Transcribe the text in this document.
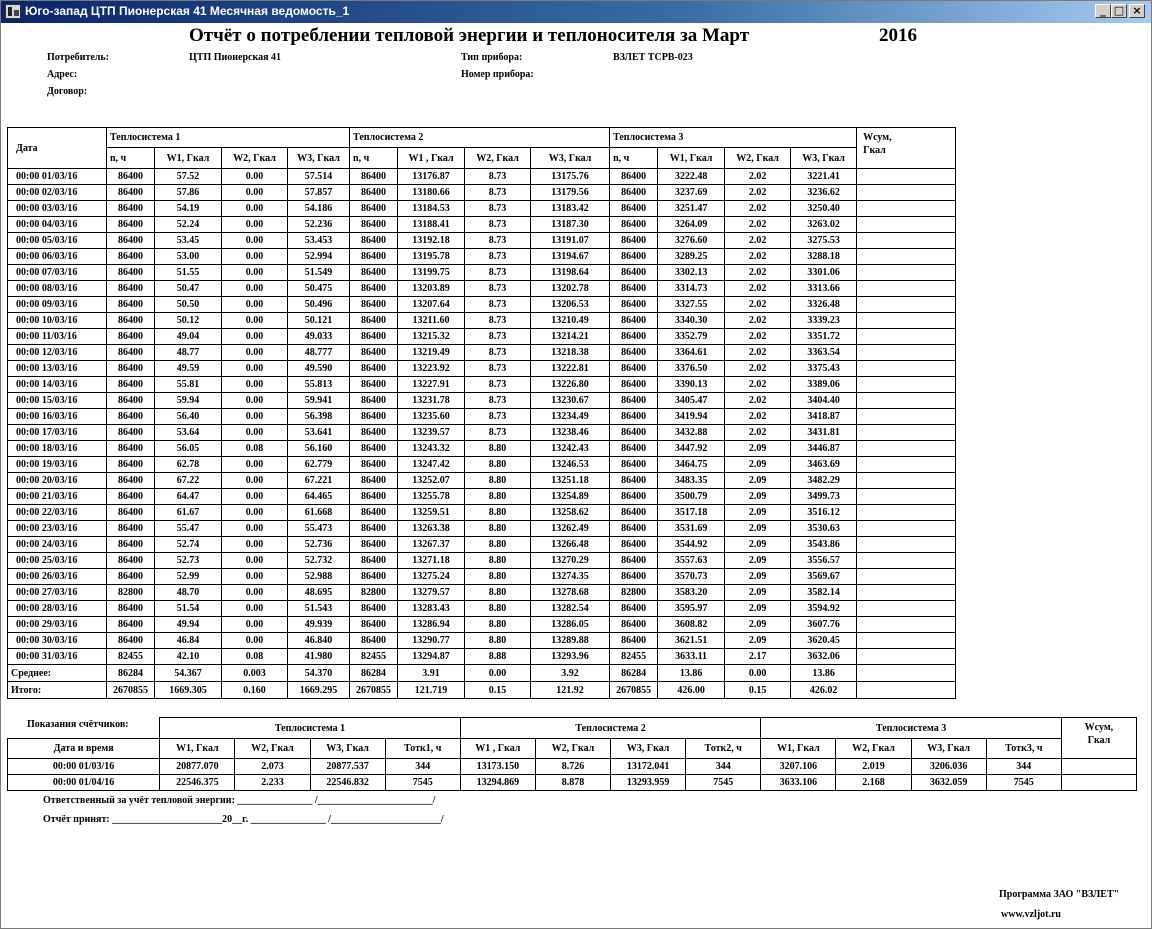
Юго-запад ЦТП Пионерская 41 Месячная ведомость_1	_ □ ×
Отчёт о потреблении тепловой энергии и теплоносителя за Март	2016
Потребитель:	ЦТП Пионерская 41
Адрес:
Договор:
Тип прибора:	ВЗЛЕТ ТСРВ-023
Номер прибора:
Дата	Теплосистема 1				Теплосистема 2				Теплосистема 3				Wсум,
Гкал
	n, ч	W1, Гкал	W2, Гкал	W3, Гкал	n, ч	W1 , Гкал	W2, Гкал	W3, Гкал	n, ч	W1, Гкал	W2, Гкал	W3, Гкал	
00:00 01/03/16	86400	57.52	0.00	57.514	86400	13176.87	8.73	13175.76	86400	3222.48	2.02	3221.41	
00:00 02/03/16	86400	57.86	0.00	57.857	86400	13180.66	8.73	13179.56	86400	3237.69	2.02	3236.62	
00:00 03/03/16	86400	54.19	0.00	54.186	86400	13184.53	8.73	13183.42	86400	3251.47	2.02	3250.40	
00:00 04/03/16	86400	52.24	0.00	52.236	86400	13188.41	8.73	13187.30	86400	3264.09	2.02	3263.02	
00:00 05/03/16	86400	53.45	0.00	53.453	86400	13192.18	8.73	13191.07	86400	3276.60	2.02	3275.53	
00:00 06/03/16	86400	53.00	0.00	52.994	86400	13195.78	8.73	13194.67	86400	3289.25	2.02	3288.18	
00:00 07/03/16	86400	51.55	0.00	51.549	86400	13199.75	8.73	13198.64	86400	3302.13	2.02	3301.06	
00:00 08/03/16	86400	50.47	0.00	50.475	86400	13203.89	8.73	13202.78	86400	3314.73	2.02	3313.66	
00:00 09/03/16	86400	50.50	0.00	50.496	86400	13207.64	8.73	13206.53	86400	3327.55	2.02	3326.48	
00:00 10/03/16	86400	50.12	0.00	50.121	86400	13211.60	8.73	13210.49	86400	3340.30	2.02	3339.23	
00:00 11/03/16	86400	49.04	0.00	49.033	86400	13215.32	8.73	13214.21	86400	3352.79	2.02	3351.72	
00:00 12/03/16	86400	48.77	0.00	48.777	86400	13219.49	8.73	13218.38	86400	3364.61	2.02	3363.54	
00:00 13/03/16	86400	49.59	0.00	49.590	86400	13223.92	8.73	13222.81	86400	3376.50	2.02	3375.43	
00:00 14/03/16	86400	55.81	0.00	55.813	86400	13227.91	8.73	13226.80	86400	3390.13	2.02	3389.06	
00:00 15/03/16	86400	59.94	0.00	59.941	86400	13231.78	8.73	13230.67	86400	3405.47	2.02	3404.40	
00:00 16/03/16	86400	56.40	0.00	56.398	86400	13235.60	8.73	13234.49	86400	3419.94	2.02	3418.87	
00:00 17/03/16	86400	53.64	0.00	53.641	86400	13239.57	8.73	13238.46	86400	3432.88	2.02	3431.81	
00:00 18/03/16	86400	56.05	0.08	56.160	86400	13243.32	8.80	13242.43	86400	3447.92	2.09	3446.87	
00:00 19/03/16	86400	62.78	0.00	62.779	86400	13247.42	8.80	13246.53	86400	3464.75	2.09	3463.69	
00:00 20/03/16	86400	67.22	0.00	67.221	86400	13252.07	8.80	13251.18	86400	3483.35	2.09	3482.29	
00:00 21/03/16	86400	64.47	0.00	64.465	86400	13255.78	8.80	13254.89	86400	3500.79	2.09	3499.73	
00:00 22/03/16	86400	61.67	0.00	61.668	86400	13259.51	8.80	13258.62	86400	3517.18	2.09	3516.12	
00:00 23/03/16	86400	55.47	0.00	55.473	86400	13263.38	8.80	13262.49	86400	3531.69	2.09	3530.63	
00:00 24/03/16	86400	52.74	0.00	52.736	86400	13267.37	8.80	13266.48	86400	3544.92	2.09	3543.86	
00:00 25/03/16	86400	52.73	0.00	52.732	86400	13271.18	8.80	13270.29	86400	3557.63	2.09	3556.57	
00:00 26/03/16	86400	52.99	0.00	52.988	86400	13275.24	8.80	13274.35	86400	3570.73	2.09	3569.67	
00:00 27/03/16	82800	48.70	0.00	48.695	82800	13279.57	8.80	13278.68	82800	3583.20	2.09	3582.14	
00:00 28/03/16	86400	51.54	0.00	51.543	86400	13283.43	8.80	13282.54	86400	3595.97	2.09	3594.92	
00:00 29/03/16	86400	49.94	0.00	49.939	86400	13286.94	8.80	13286.05	86400	3608.82	2.09	3607.76	
00:00 30/03/16	86400	46.84	0.00	46.840	86400	13290.77	8.80	13289.88	86400	3621.51	2.09	3620.45	
00:00 31/03/16	82455	42.10	0.08	41.980	82455	13294.87	8.88	13293.96	82455	3633.11	2.17	3632.06	
Среднее:	86284	54.367	0.003	54.370	86284	3.91	0.00	3.92	86284	13.86	0.00	13.86	
Итого:	2670855	1669.305	0.160	1669.295	2670855	121.719	0.15	121.92	2670855	426.00	0.15	426.02	
Показания счётчиков:
		Теплосистема 1				Теплосистема 2				Теплосистема 3				Wсум,
Гкал
Дата и время	W1, Гкал	W2, Гкал	W3, Гкал	Тотк1, ч	W1 , Гкал	W2, Гкал	W3, Гкал	Тотк2, ч	W1, Гкал	W2, Гкал	W3, Гкал	Тотк3, ч	
00:00 01/03/16	20877.070	2.073	20877.537	344	13173.150	8.726	13172.041	344	3207.106	2.019	3206.036	344	
00:00 01/04/16	22546.375	2.233	22546.832	7545	13294.869	8.878	13293.959	7545	3633.106	2.168	3632.059	7545	
Ответственный за учёт тепловой энергии: _______________ /_______________________/
Отчёт принят: ______________________20__г. _______________ /______________________/
Программа ЗАО "ВЗЛЕТ"
www.vzljot.ru
